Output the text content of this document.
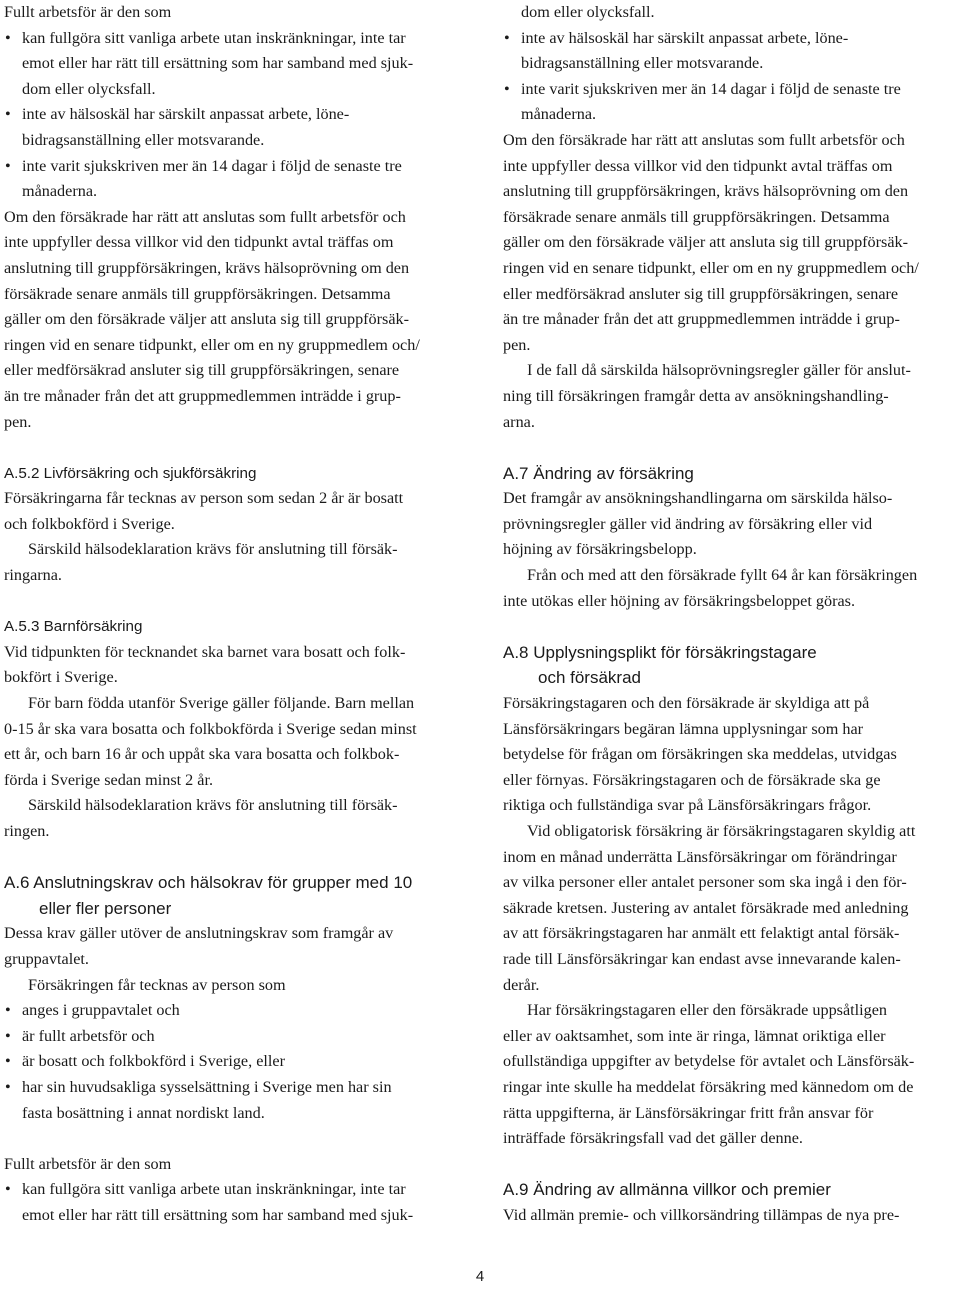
Fullt arbetsför är den som

• kan fullgöra sitt vanliga arbete utan inskränkningar, inte tar
emot eller har rätt till ersättning som har samband med sjuk-
dom eller olycksfall.
• inte av hälsoskäl har särskilt anpassat arbete, löne-
bidragsanställning eller motsvarande.
• inte varit sjukskriven mer än 14 dagar i följd de senaste tre
månaderna.

Om den försäkrade har rätt att anslutas som fullt arbetsför och
inte uppfyller dessa villkor vid den tidpunkt avtal träffas om
anslutning till gruppförsäkringen, krävs hälsoprövning om den
försäkrade senare anmäls till gruppförsäkringen. Detsamma
gäller om den försäkrade väljer att ansluta sig till gruppförsäk-
ringen vid en senare tidpunkt, eller om en ny gruppmedlem och/
eller medförsäkrad ansluter sig till gruppförsäkringen, senare
än tre månader från det att gruppmedlemmen inträdde i grup-
pen.

A.5.2 Livförsäkring och sjukförsäkring

Försäkringarna får tecknas av person som sedan 2 år är bosatt
och folkbokförd i Sverige.

Särskild hälsodeklaration krävs för anslutning till försäk-
ringarna.

A.5.3 Barnförsäkring

Vid tidpunkten för tecknandet ska barnet vara bosatt och folk-
bokfört i Sverige.

För barn födda utanför Sverige gäller följande. Barn mellan
0-15 år ska vara bosatta och folkbokförda i Sverige sedan minst
ett år, och barn 16 år och uppåt ska vara bosatta och folkbok-
förda i Sverige sedan minst 2 år.

Särskild hälsodeklaration krävs för anslutning till försäk-
ringen.

A.6 Anslutningskrav och hälsokrav för grupper med 10
eller fler personer

Dessa krav gäller utöver de anslutningskrav som framgår av
gruppavtalet.

Försäkringen får tecknas av person som

• anges i gruppavtalet och
• är fullt arbetsför och
• är bosatt och folkbokförd i Sverige, eller
• har sin huvudsakliga sysselsättning i Sverige men har sin
fasta bosättning i annat nordiskt land.

Fullt arbetsför är den som

• kan fullgöra sitt vanliga arbete utan inskränkningar, inte tar
emot eller har rätt till ersättning som har samband med sjuk-

dom eller olycksfall.

• inte av hälsoskäl har särskilt anpassat arbete, löne-
bidragsanställning eller motsvarande.
• inte varit sjukskriven mer än 14 dagar i följd de senaste tre
månaderna.

Om den försäkrade har rätt att anslutas som fullt arbetsför och
inte uppfyller dessa villkor vid den tidpunkt avtal träffas om
anslutning till gruppförsäkringen, krävs hälsoprövning om den
försäkrade senare anmäls till gruppförsäkringen. Detsamma
gäller om den försäkrade väljer att ansluta sig till gruppförsäk-
ringen vid en senare tidpunkt, eller om en ny gruppmedlem och/
eller medförsäkrad ansluter sig till gruppförsäkringen, senare
än tre månader från det att gruppmedlemmen inträdde i grup-
pen.

I de fall då särskilda hälsoprövningsregler gäller för anslut-
ning till försäkringen framgår detta av ansökningshandling-
arna.

A.7 Ändring av försäkring

Det framgår av ansökningshandlingarna om särskilda hälso-
prövningsregler gäller vid ändring av försäkring eller vid
höjning av försäkringsbelopp.

Från och med att den försäkrade fyllt 64 år kan försäkringen
inte utökas eller höjning av försäkringsbeloppet göras.

A.8 Upplysningsplikt för försäkringstagare
och försäkrad

Försäkringstagaren och den försäkrade är skyldiga att på
Länsförsäkringars begäran lämna upplysningar som har
betydelse för frågan om försäkringen ska meddelas, utvidgas
eller förnyas. Försäkringstagaren och de försäkrade ska ge
riktiga och fullständiga svar på Länsförsäkringars frågor.

Vid obligatorisk försäkring är försäkringstagaren skyldig att
inom en månad underrätta Länsförsäkringar om förändringar
av vilka personer eller antalet personer som ska ingå i den för-
säkrade kretsen. Justering av antalet försäkrade med anledning
av att försäkringstagaren har anmält ett felaktigt antal försäk-
rade till Länsförsäkringar kan endast avse innevarande kalen-
derår.

Har försäkringstagaren eller den försäkrade uppsåtligen
eller av oaktsamhet, som inte är ringa, lämnat oriktiga eller
ofullständiga uppgifter av betydelse för avtalet och Länsförsäk-
ringar inte skulle ha meddelat försäkring med kännedom om de
rätta uppgifterna, är Länsförsäkringar fritt från ansvar för
inträffade försäkringsfall vad det gäller denne.

A.9 Ändring av allmänna villkor och premier

Vid allmän premie- och villkorsändring tillämpas de nya pre-

4
